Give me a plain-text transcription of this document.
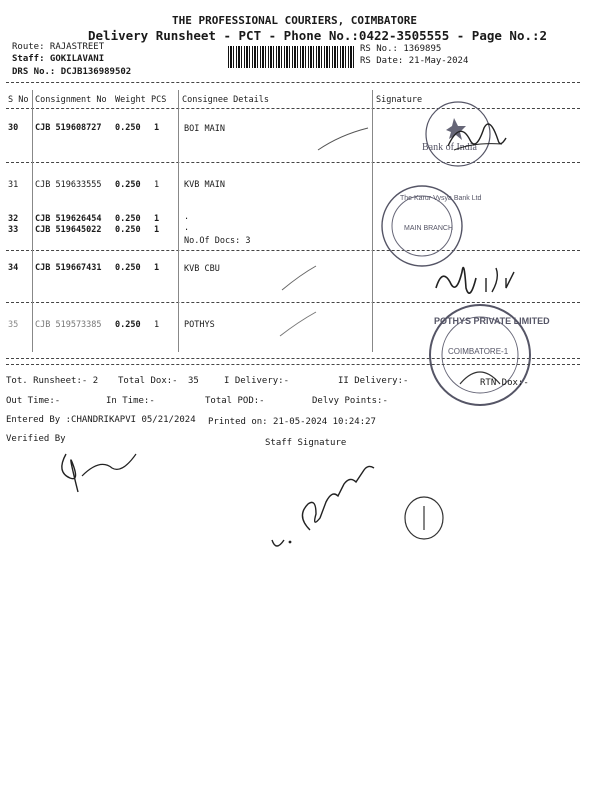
THE PROFESSIONAL COURIERS, COIMBATORE
Delivery Runsheet - PCT - Phone No.:0422-3505555 - Page No.:2
Route: RAJASTREET
Staff: GOKILAVANI
DRS No.: DCJB136989502
RS No.: 1369895
RS Date: 21-May-2024
S No Consignment No Weight PCS Consignee Details	Signature
30 CJB 519608727 0.250 1	BOI MAIN
31 CJB 519633555 0.250 1	KVB MAIN
32 CJB 519626454 0.250 1	.
33 CJB 519645022 0.250 1	.
No.Of Docs: 3
34 CJB 519667431 0.250 1	KVB CBU
35 CJB 519573385 0.250 1	POTHYS
Bank of India
The Karur Vysya Bank Ltd
MAIN BRANCH
POTHYS PRIVATE LIMITED
COIMBATORE-1
Tot. Runsheet:- 2 Total Dox:- 35	I Delivery:-	II Delivery:-	RTN Dox:-
Out Time:-	In Time:-	Total POD:-	Delvy Points:-
Entered By :CHANDRIKAPVI 05/21/2024 Printed on: 21-05-2024 10:24:27
Verified By	Staff Signature
